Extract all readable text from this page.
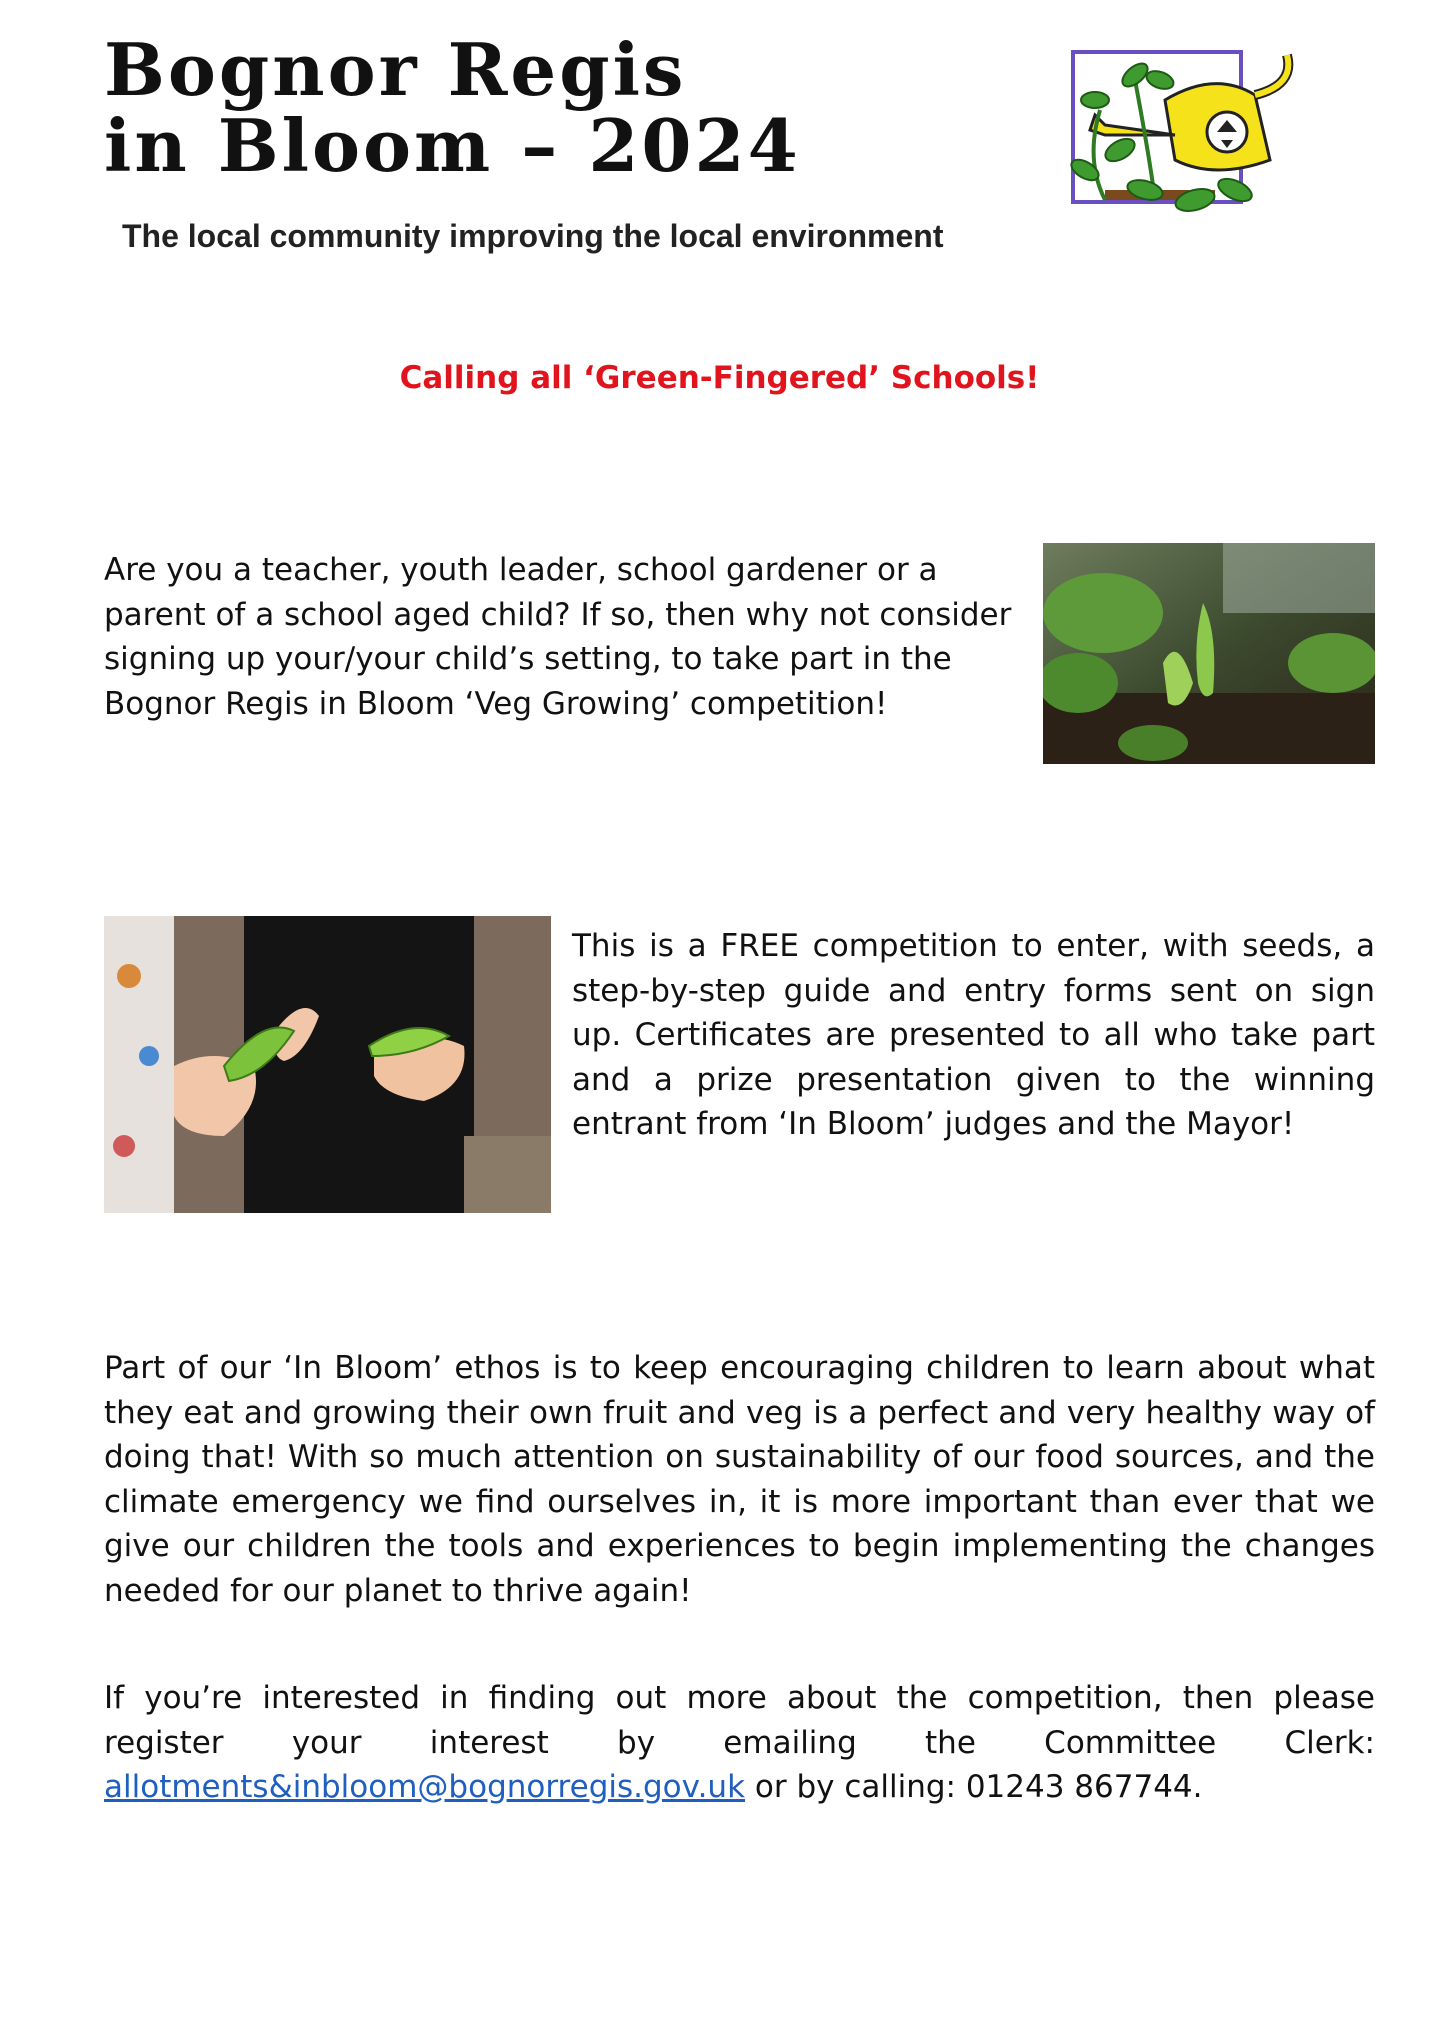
Bognor Regis
in Bloom – 2024
The local community improving the local environment
Calling all ‘Green-Fingered’ Schools!

Are you a teacher, youth leader, school gardener or a parent of a school aged child? If so, then why not consider signing up your/your child’s setting, to take part in the Bognor Regis in Bloom ‘Veg Growing’ competition!

This is a FREE competition to enter, with seeds, a step-by-step guide and entry forms sent on sign up. Certificates are presented to all who take part and a prize presentation given to the winning entrant from ‘In Bloom’ judges and the Mayor!

Part of our ‘In Bloom’ ethos is to keep encouraging children to learn about what they eat and growing their own fruit and veg is a perfect and very healthy way of doing that! With so much attention on sustainability of our food sources, and the climate emergency we find ourselves in, it is more important than ever that we give our children the tools and experiences to begin implementing the changes needed for our planet to thrive again!

If you’re interested in finding out more about the competition, then please register your interest by emailing the Committee Clerk: allotments&inbloom@bognorregis.gov.uk or by calling: 01243 867744.
